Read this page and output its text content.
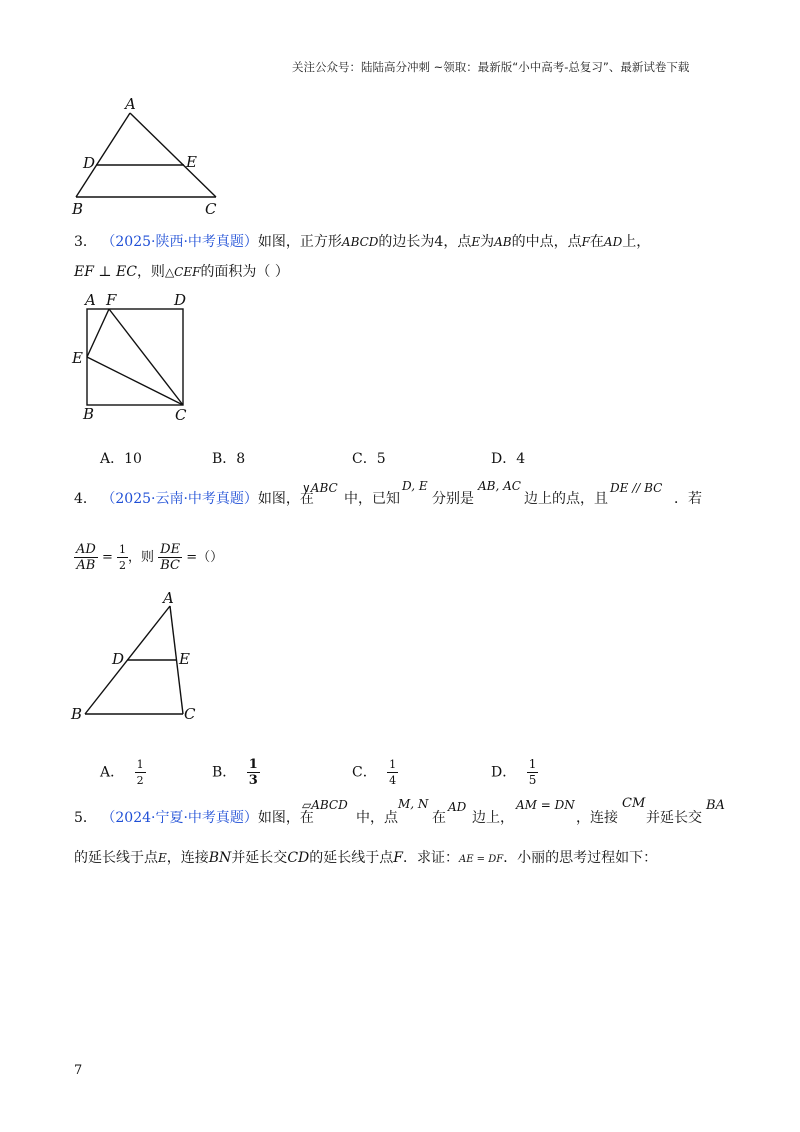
关注公众号：陆陆高分冲刺 ~领取：最新版“小中高考-总复习”、最新试卷下载
A
D	E
B	C
3． （2025·陕西·中考真题）如图，正方形ABCD的边长为4，点E为AB的中点，点F在AD上，
EF ⊥ EC，则△CEF的面积为（ ）
A F	D
E
B	C
A．10	B．8	C．5	D．4
4． （2025·云南·中考真题）如图，在
∨ABC
中，已知
D, E
分别是
AB, AC
边上的点，且
DE // BC
．若
$\frac{AD}{AB} = \frac{1}{2}$ ，则 $\frac{DE}{BC}$ =（）
A
D	E
B	C
A． $\frac{1}{2}$	B． $\frac{1}{3}$	C． $\frac{1}{4}$	D． $\frac{1}{5}$
5． （2024·宁夏·中考真题）如图，在
▱ABCD
中，点
M, N
在
AD
边上，
AM = DN
，连接
CM
并延长交
BA
的延长线于点E，连接BN并延长交CD的延长线于点F．求证：AE = DF．小丽的思考过程如下：
7
